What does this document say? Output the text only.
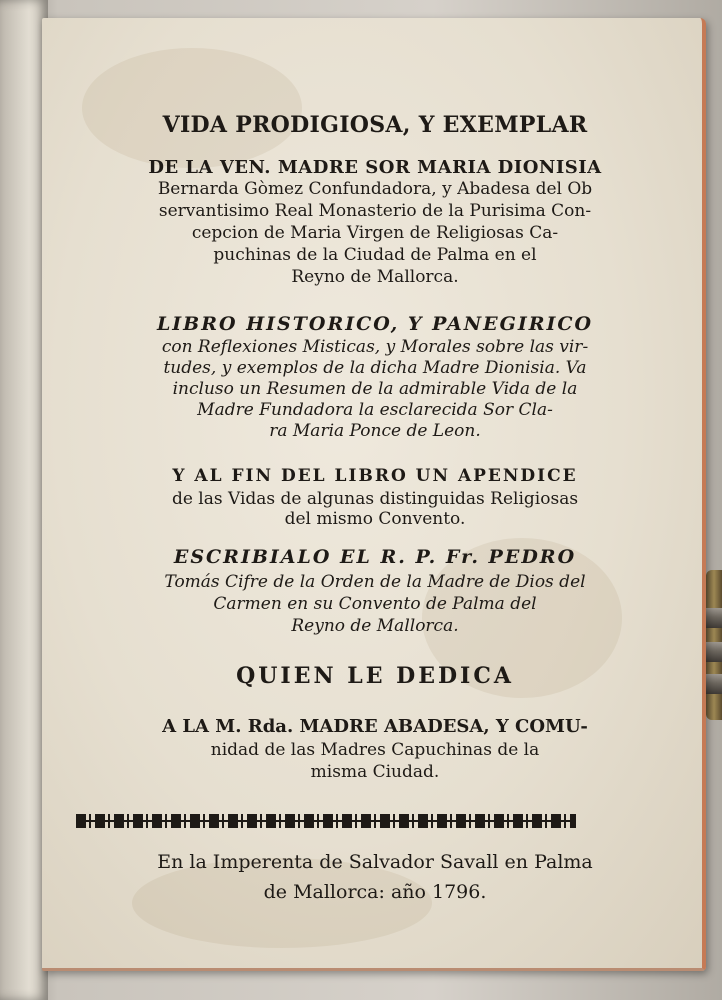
VIDA PRODIGIOSA, Y EXEMPLAR
DE LA VEN. MADRE SOR MARIA DIONISIA
Bernarda Gòmez Confundadora, y Abadesa del Ob
servantisimo Real Monasterio de la Purisima Con-
cepcion de Maria Virgen de Religiosas Ca-
puchinas de la Ciudad de Palma en el
Reyno de Mallorca.
LIBRO HISTORICO, Y PANEGIRICO
con Reflexiones Misticas, y Morales sobre las vir-
tudes, y exemplos de la dicha Madre Dionisia. Va
incluso un Resumen de la admirable Vida de la
Madre Fundadora la esclarecida Sor Cla-
ra Maria Ponce de Leon.
Y AL FIN DEL LIBRO UN APENDICE
de las Vidas de algunas distinguidas Religiosas
del mismo Convento.
ESCRIBIALO EL R. P. Fr. PEDRO
Tomás Cifre de la Orden de la Madre de Dios del
Carmen en su Convento de Palma del
Reyno de Mallorca.
QUIEN LE DEDICA
A LA M. Rda. MADRE ABADESA, Y COMU-
nidad de las Madres Capuchinas de la
misma Ciudad.
En la Imperenta de Salvador Savall en Palma
de Mallorca: año 1796.
